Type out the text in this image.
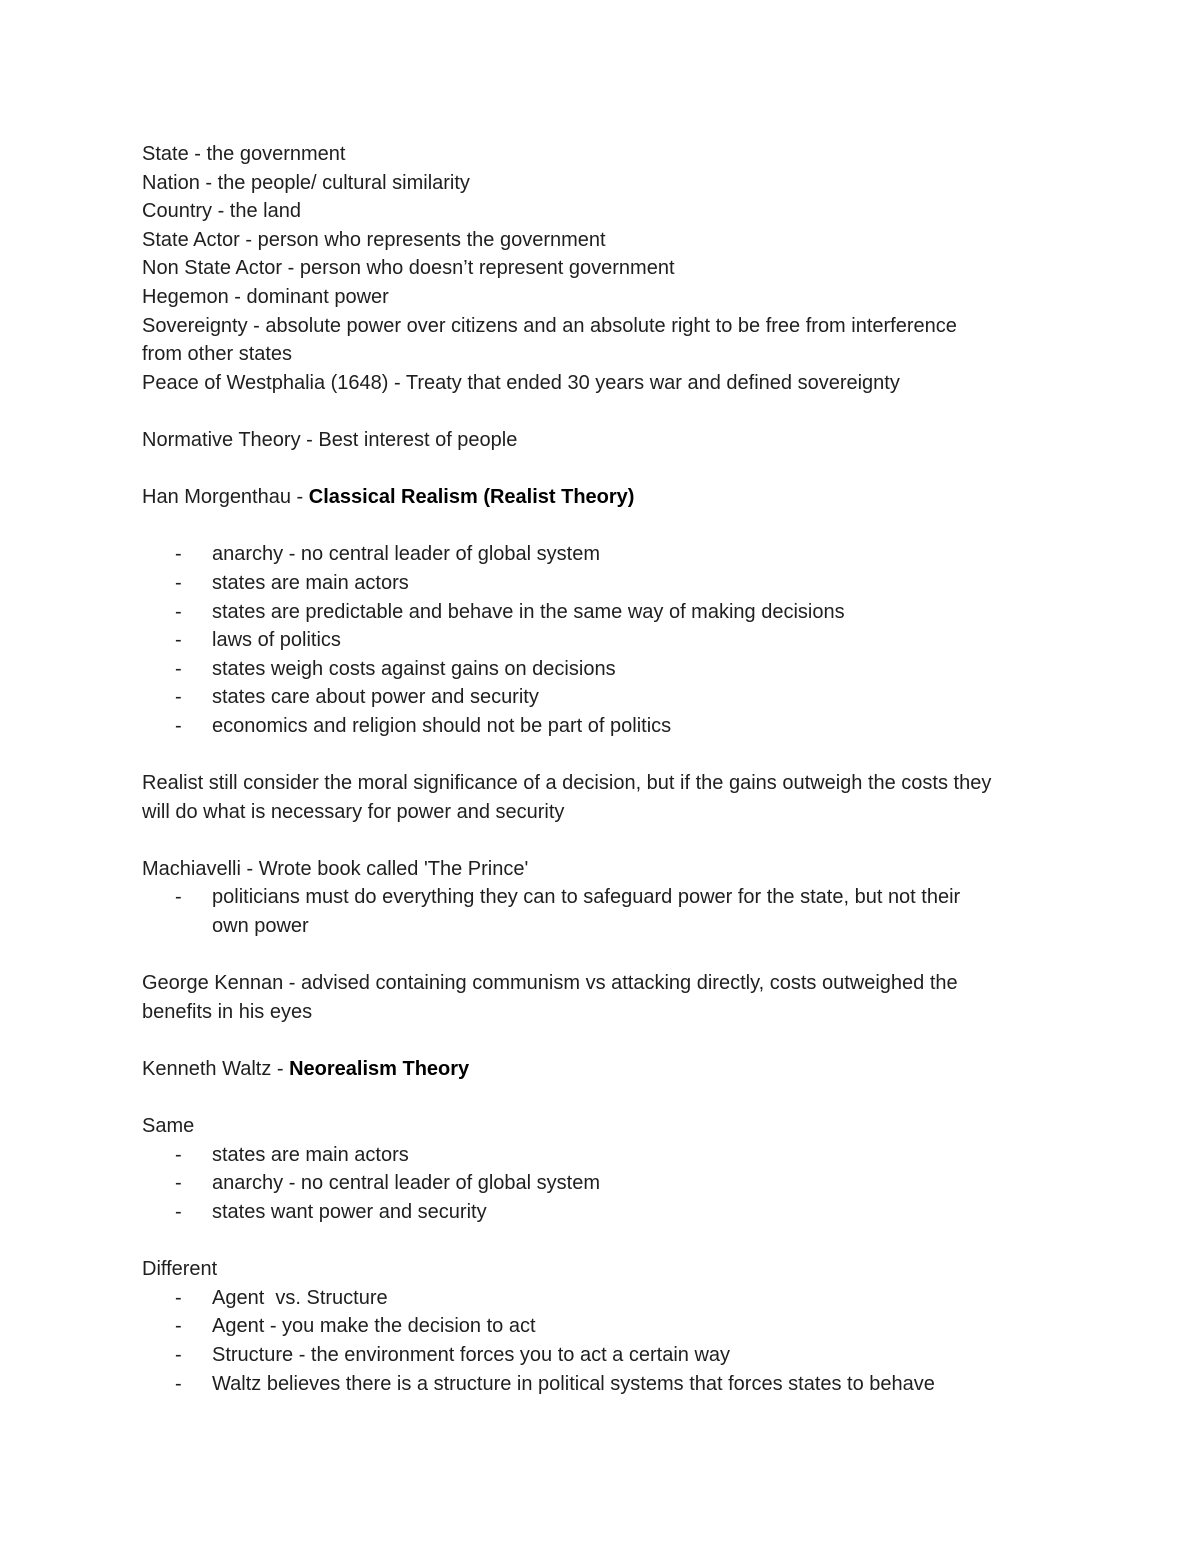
State - the government
Nation - the people/ cultural similarity
Country - the land
State Actor - person who represents the government
Non State Actor - person who doesn’t represent government
Hegemon - dominant power
Sovereignty - absolute power over citizens and an absolute right to be free from interference
from other states
Peace of Westphalia (1648) - Treaty that ended 30 years war and defined sovereignty
Normative Theory - Best interest of people
Han Morgenthau - Classical Realism (Realist Theory)
- anarchy - no central leader of global system
- states are main actors
- states are predictable and behave in the same way of making decisions
- laws of politics
- states weigh costs against gains on decisions
- states care about power and security
- economics and religion should not be part of politics
Realist still consider the moral significance of a decision, but if the gains outweigh the costs they
will do what is necessary for power and security
Machiavelli - Wrote book called 'The Prince'
- politicians must do everything they can to safeguard power for the state, but not their
own power
George Kennan - advised containing communism vs attacking directly, costs outweighed the
benefits in his eyes
Kenneth Waltz - Neorealism Theory
Same
- states are main actors
- anarchy - no central leader of global system
- states want power and security
Different
- Agent  vs. Structure
- Agent - you make the decision to act
- Structure - the environment forces you to act a certain way
- Waltz believes there is a structure in political systems that forces states to behave
